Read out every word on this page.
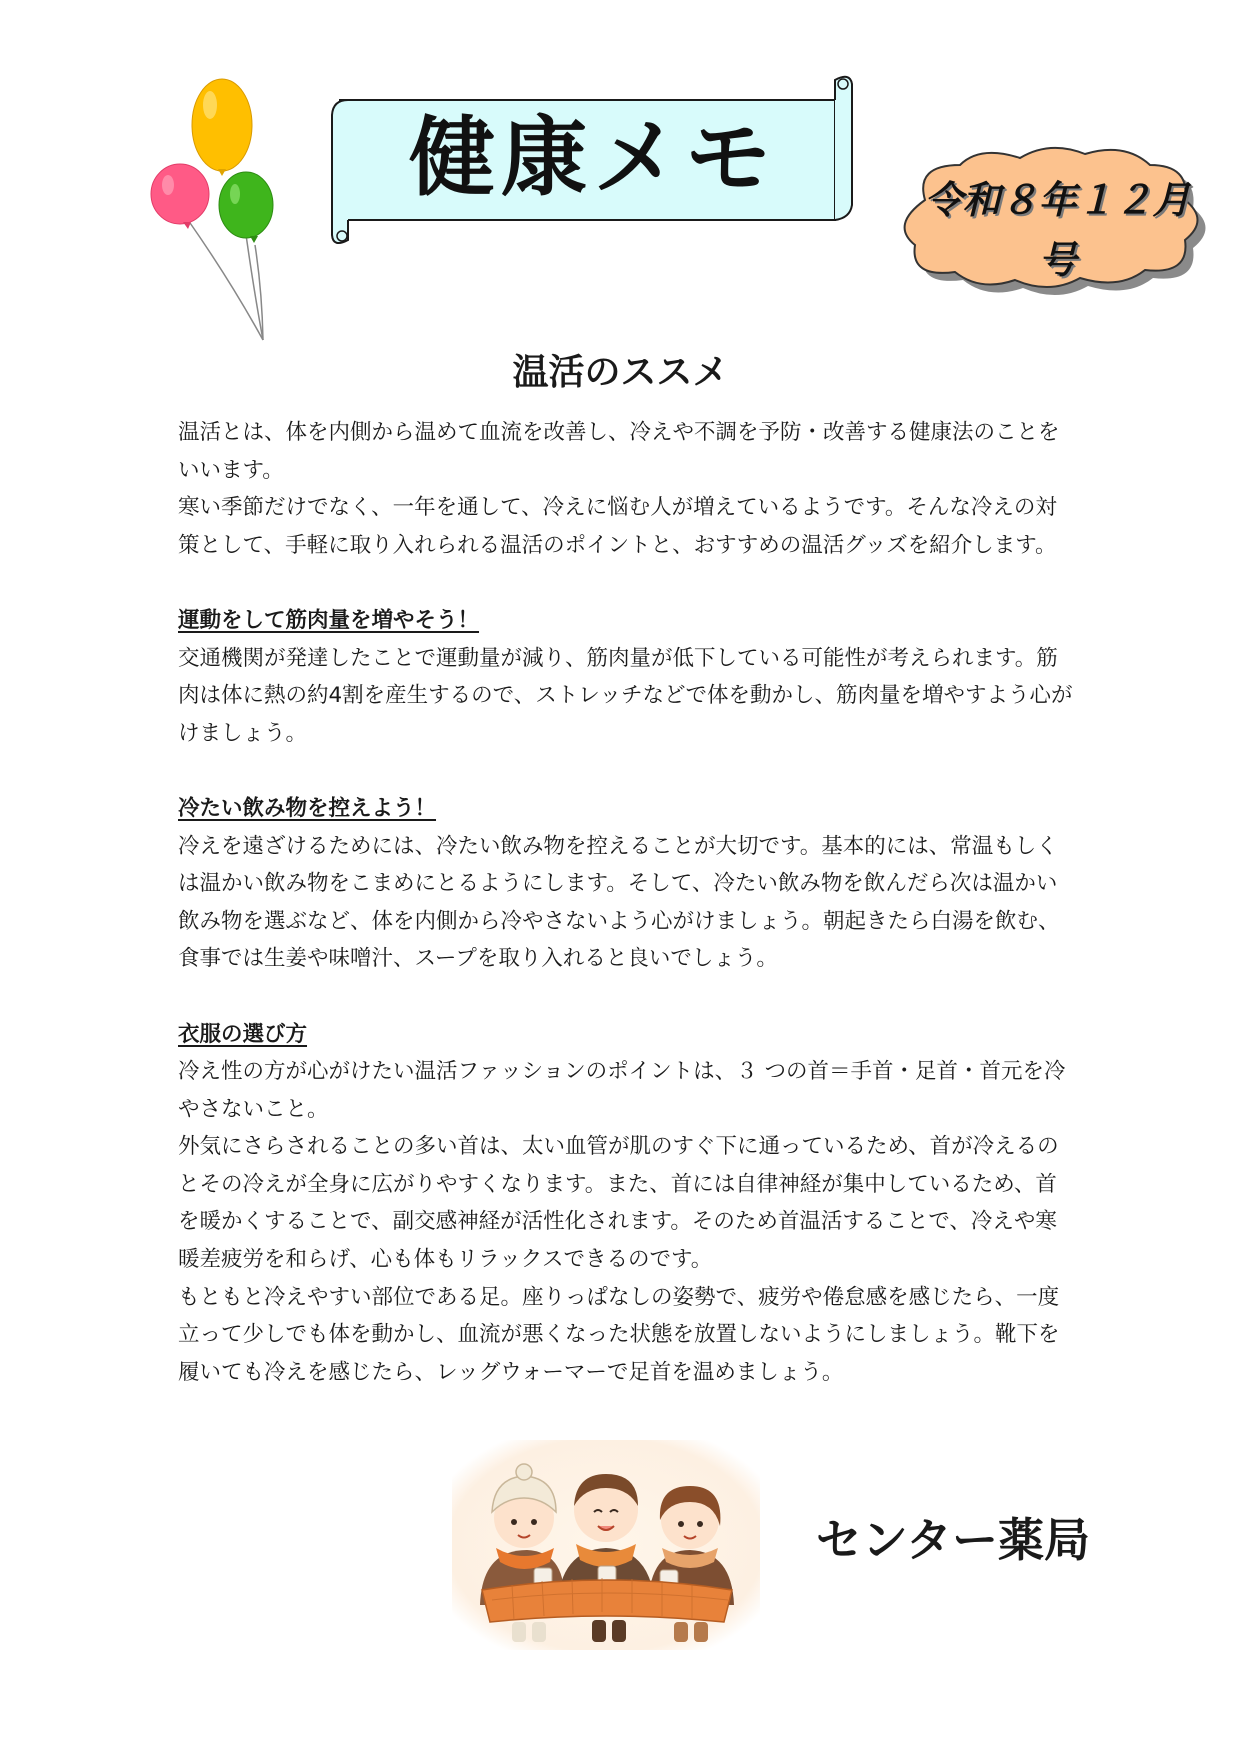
健康メモ	令和８年１２月号
温活のススメ

温活とは、体を内側から温めて血流を改善し、冷えや不調を予防・改善する健康法のことをいいます。

寒い季節だけでなく、一年を通して、冷えに悩む人が増えているようです。そんな冷えの対策として、手軽に取り入れられる温活のポイントと、おすすめの温活グッズを紹介します。

運動をして筋肉量を増やそう！

交通機関が発達したことで運動量が減り、筋肉量が低下している可能性が考えられます。筋肉は体に熱の約4割を産生するので、ストレッチなどで体を動かし、筋肉量を増やすよう心がけましょう。

冷たい飲み物を控えよう！

冷えを遠ざけるためには、冷たい飲み物を控えることが大切です。基本的には、常温もしくは温かい飲み物をこまめにとるようにします。そして、冷たい飲み物を飲んだら次は温かい飲み物を選ぶなど、体を内側から冷やさないよう心がけましょう。朝起きたら白湯を飲む、食事では生姜や味噌汁、スープを取り入れると良いでしょう。

衣服の選び方

冷え性の方が心がけたい温活ファッションのポイントは、３ つの首＝手首・足首・首元を冷やさないこと。

外気にさらされることの多い首は、太い血管が肌のすぐ下に通っているため、首が冷えるのとその冷えが全身に広がりやすくなります。また、首には自律神経が集中しているため、首を暖かくすることで、副交感神経が活性化されます。そのため首温活することで、冷えや寒暖差疲労を和らげ、心も体もリラックスできるのです。

もともと冷えやすい部位である足。座りっぱなしの姿勢で、疲労や倦怠感を感じたら、一度立って少しでも体を動かし、血流が悪くなった状態を放置しないようにしましょう。靴下を履いても冷えを感じたら、レッグウォーマーで足首を温めましょう。

センター薬局
